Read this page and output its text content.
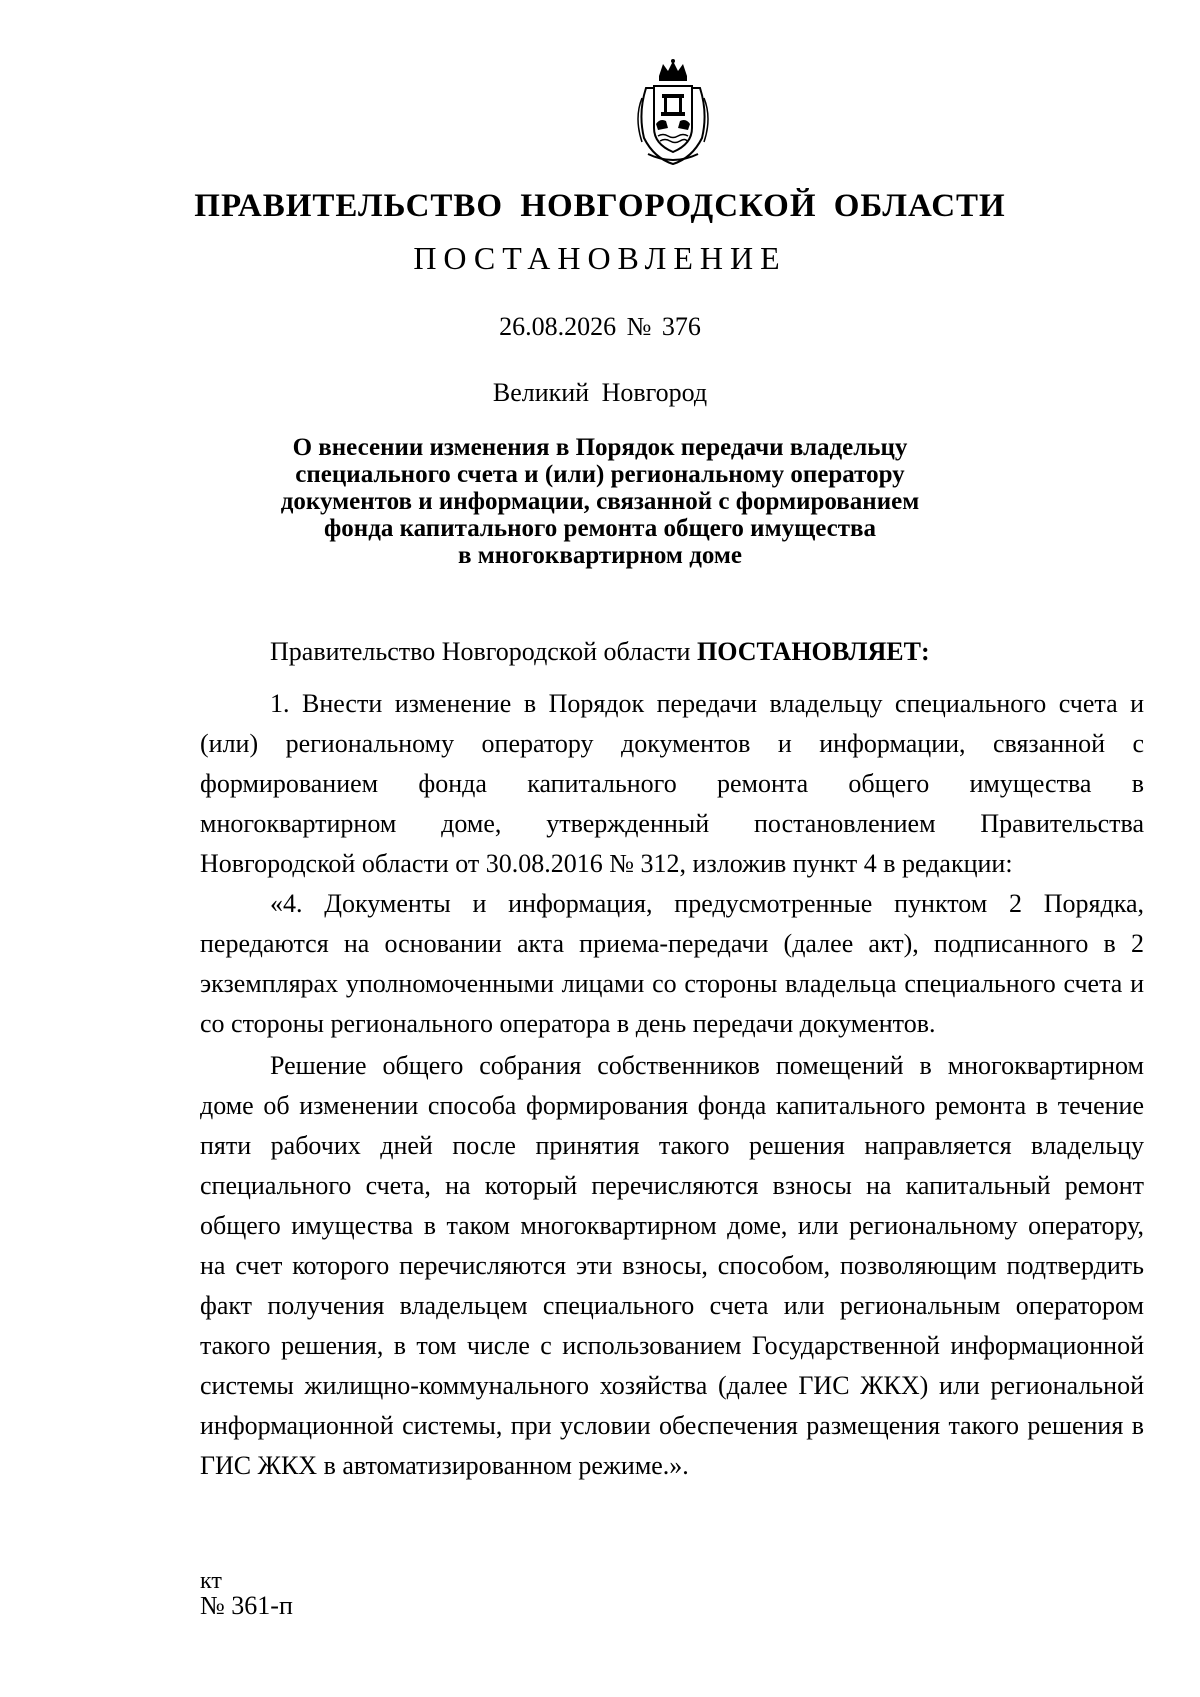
ПРАВИТЕЛЬСТВО НОВГОРОДСКОЙ ОБЛАСТИ
ПОСТАНОВЛЕНИЕ
26.08.2026 № 376
Великий Новгород
О внесении изменения в Порядок передачи владельцу
специального счета и (или) региональному оператору
документов и информации, связанной с формированием
фонда капитального ремонта общего имущества
в многоквартирном доме

Правительство Новгородской области ПОСТАНОВЛЯЕТ:

1. Внести изменение в Порядок передачи владельцу специального счета и (или) региональному оператору документов и информации, связанной с формированием фонда капитального ремонта общего имущества в многоквартирном доме, утвержденный постановлением Правительства Новгородской области от 30.08.2016 № 312, изложив пункт 4 в редакции:

«4. Документы и информация, предусмотренные пунктом 2 Порядка, передаются на основании акта приема-передачи (далее акт), подписанного в 2 экземплярах уполномоченными лицами со стороны владельца специального счета и со стороны регионального оператора в день передачи документов.

Решение общего собрания собственников помещений в многоквартирном доме об изменении способа формирования фонда капитального ремонта в течение пяти рабочих дней после принятия такого решения направляется владельцу специального счета, на который перечисляются взносы на капитальный ремонт общего имущества в таком многоквартирном доме, или региональному оператору, на счет которого перечисляются эти взносы, способом, позволяющим подтвердить факт получения владельцем специального счета или региональным оператором такого решения, в том числе с использованием Государственной информационной системы жилищно-коммунального хозяйства (далее ГИС ЖКХ) или региональной информационной системы, при условии обеспечения размещения такого решения в ГИС ЖКХ в автоматизированном режиме.».

кт
№ 361-п
